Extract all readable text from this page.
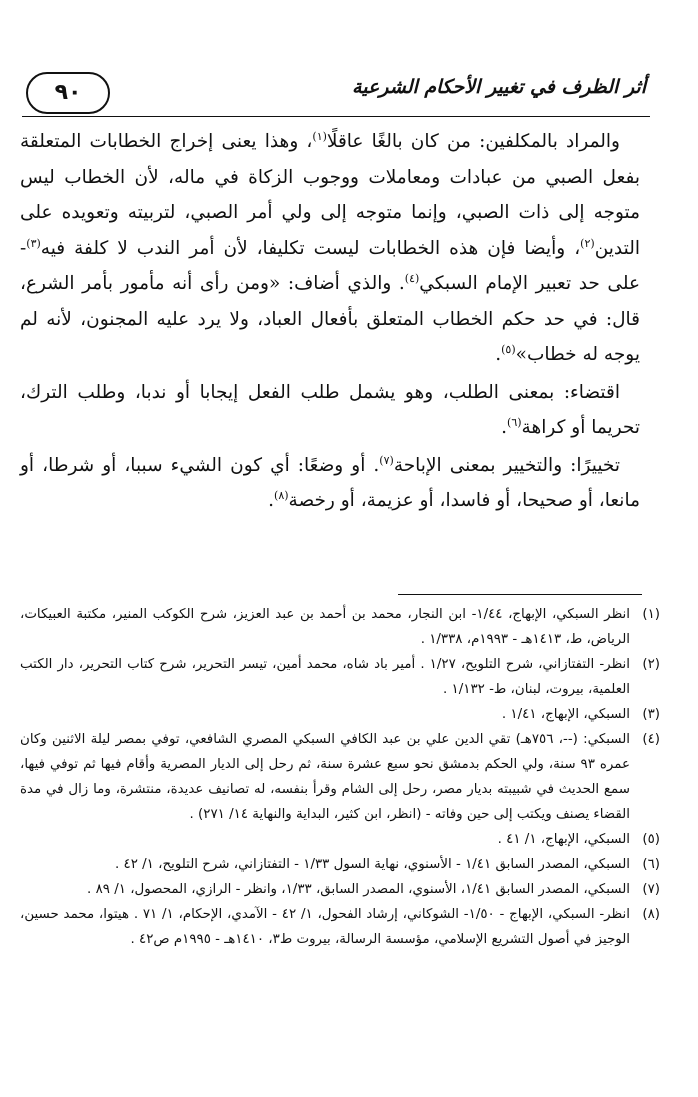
أثر الظرف في تغيير الأحكام الشرعية
٩٠

والمراد بالمكلفين: من كان بالغًا عاقلًا$^{(١)}$، وهذا يعنى إخراج الخطابات المتعلقة بفعل الصبي من عبادات ومعاملات ووجوب الزكاة في ماله، لأن الخطاب ليس متوجه إلى ذات الصبي، وإنما متوجه إلى ولي أمر الصبي، لتربيته وتعويده على التدين$^{(٢)}$، وأيضا فإن هذه الخطابات ليست تكليفا، لأن أمر الندب لا كلفة فيه$^{(٣)}$- على حد تعبير الإمام السبكي$^{(٤)}$. والذي أضاف: «ومن رأى أنه مأمور بأمر الشرع، قال: في حد حكم الخطاب المتعلق بأفعال العباد، ولا يرد عليه المجنون، لأنه لم يوجه له خطاب»$^{(٥)}$.

اقتضاء: بمعنى الطلب، وهو يشمل طلب الفعل إيجابا أو ندبا، وطلب الترك، تحريما أو كراهة$^{(٦)}$.

تخييرًا: والتخيير بمعنى الإباحة$^{(٧)}$. أو وضعًا: أي كون الشيء سببا، أو شرطا، أو مانعا، أو صحيحا، أو فاسدا، أو عزيمة، أو رخصة$^{(٨)}$.

(١)
انظر السبكي، الإبهاج، ١/٤٤- ابن النجار، محمد بن أحمد بن عبد العزيز، شرح الكوكب المنير، مكتبة العبيكات، الرياض، ط، ١٤١٣هـ - ١٩٩٣م، ١/٣٣٨ .
(٢)
انظر- التفتازاني، شرح التلويح، ١/٢٧ . أمير باد شاه، محمد أمين، تيسر التحرير، شرح كتاب التحرير، دار الكتب العلمية، بيروت، لبنان، ط- ١/١٣٢ .
(٣)
السبكي، الإبهاج، ١/٤١ .
(٤)
السبكي: (--، ٧٥٦هـ) تقي الدين علي بن عبد الكافي السبكي المصري الشافعي، توفي بمصر ليلة الاثنين وكان عمره ٩٣ سنة، ولي الحكم بدمشق نحو سبع عشرة سنة، ثم رحل إلى الديار المصرية وأقام فيها ثم توفي فيها، سمع الحديث في شبيبته بديار مصر، رحل إلى الشام وقرأ بنفسه، له تصانيف عديدة، منتشرة، وما زال في مدة القضاء يصنف ويكتب إلى حين وفاته - (انظر، ابن كثير، البداية والنهاية ١٤/ ٢٧١) .
(٥)
السبكي، الإبهاج، ١/ ٤١ .
(٦)
السبكي، المصدر السابق ١/٤١ - الأسنوي، نهاية السول ١/٣٣ - التفتازاني، شرح التلويح، ١/ ٤٢ .
(٧)
السبكي، المصدر السابق ١/٤١، الأسنوي، المصدر السابق، ١/٣٣، وانظر - الرازي، المحصول، ١/ ٨٩ .
(٨)
انظر- السبكي، الإبهاج - ١/٥٠- الشوكاني، إرشاد الفحول، ١/ ٤٢ - الآمدي، الإحكام، ١/ ٧١ . هيتوا، محمد حسين، الوجيز في أصول التشريع الإسلامي، مؤسسة الرسالة، بيروت ط٣، ١٤١٠هـ - ١٩٩٥م ص٤٢ .
